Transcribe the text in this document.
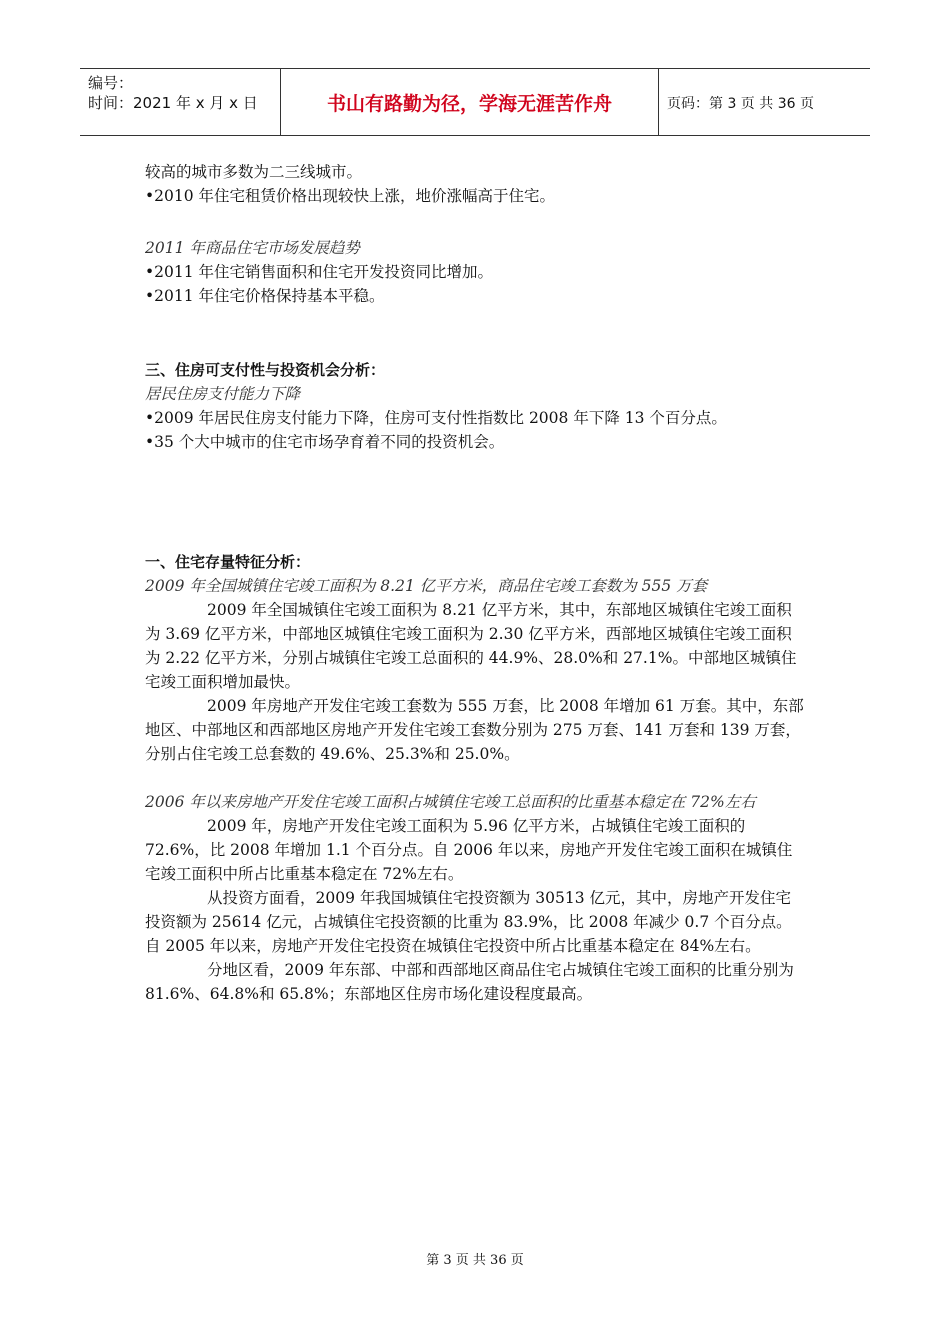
编号：
时间：2021 年 x 月 x 日	书山有路勤为径，学海无涯苦作舟	页码：第 3 页 共 36 页

较高的城市多数为二三线城市。

•2010 年住宅租赁价格出现较快上涨，地价涨幅高于住宅。

2011 年商品住宅市场发展趋势

•2011 年住宅销售面积和住宅开发投资同比增加。

•2011 年住宅价格保持基本平稳。

三、住房可支付性与投资机会分析：

居民住房支付能力下降

•2009 年居民住房支付能力下降，住房可支付性指数比 2008 年下降 13 个百分点。

•35 个大中城市的住宅市场孕育着不同的投资机会。

一、住宅存量特征分析：

2009 年全国城镇住宅竣工面积为 8.21 亿平方米，商品住宅竣工套数为 555 万套

2009 年全国城镇住宅竣工面积为 8.21 亿平方米，其中，东部地区城镇住宅竣工面积为 3.69 亿平方米，中部地区城镇住宅竣工面积为 2.30 亿平方米，西部地区城镇住宅竣工面积为 2.22 亿平方米，分别占城镇住宅竣工总面积的 44.9%、28.0%和 27.1%。中部地区城镇住宅竣工面积增加最快。

2009 年房地产开发住宅竣工套数为 555 万套，比 2008 年增加 61 万套。其中，东部地区、中部地区和西部地区房地产开发住宅竣工套数分别为 275 万套、141 万套和 139 万套，分别占住宅竣工总套数的 49.6%、25.3%和 25.0%。

2006 年以来房地产开发住宅竣工面积占城镇住宅竣工总面积的比重基本稳定在 72%左右

2009 年，房地产开发住宅竣工面积为 5.96 亿平方米，占城镇住宅竣工面积的 72.6%，比 2008 年增加 1.1 个百分点。自 2006 年以来，房地产开发住宅竣工面积在城镇住宅竣工面积中所占比重基本稳定在 72%左右。

从投资方面看，2009 年我国城镇住宅投资额为 30513 亿元，其中，房地产开发住宅投资额为 25614 亿元，占城镇住宅投资额的比重为 83.9%，比 2008 年减少 0.7 个百分点。自 2005 年以来，房地产开发住宅投资在城镇住宅投资中所占比重基本稳定在 84%左右。

分地区看，2009 年东部、中部和西部地区商品住宅占城镇住宅竣工面积的比重分别为 81.6%、64.8%和 65.8%；东部地区住房市场化建设程度最高。

第 3 页 共 36 页
